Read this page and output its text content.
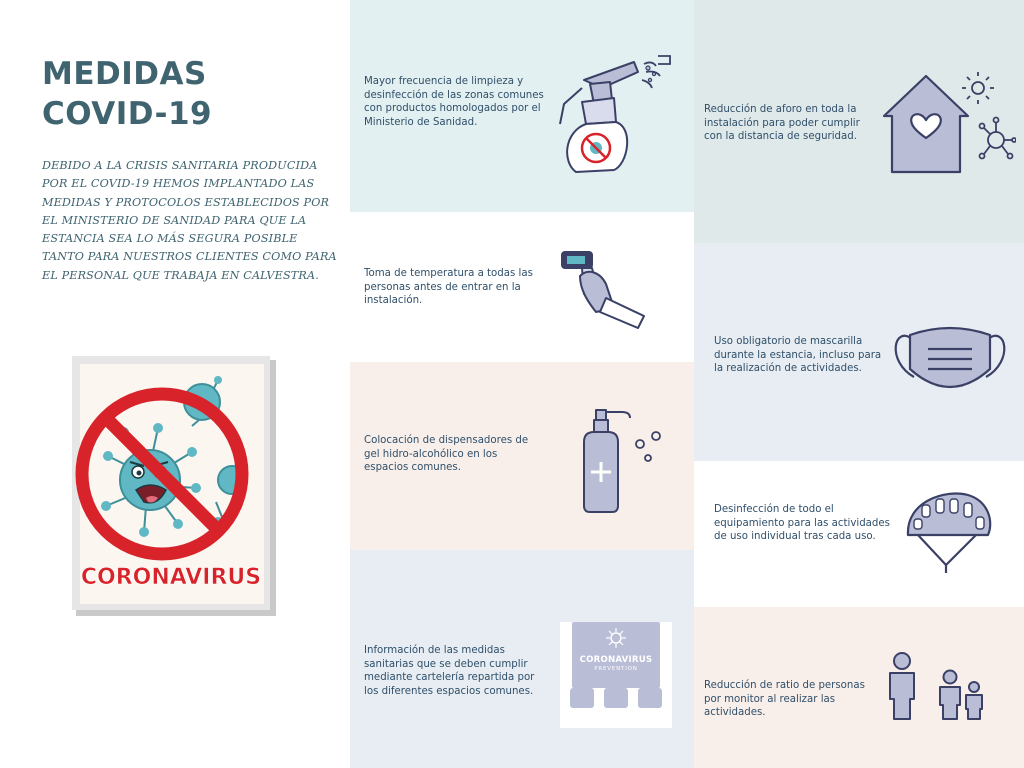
MEDIDAS
COVID-19

DEBIDO A LA CRISIS SANITARIA PRODUCIDA POR EL COVID-19 HEMOS IMPLANTADO LAS MEDIDAS Y PROTOCOLOS ESTABLECIDOS POR EL MINISTERIO DE SANIDAD PARA QUE LA ESTANCIA SEA LO MÁS SEGURA POSIBLE TANTO PARA NUESTROS CLIENTES COMO PARA EL PERSONAL QUE TRABAJA EN CALVESTRA.

CORONAVIRUS

Mayor frecuencia de limpieza y desinfección de las zonas comunes con productos homologados por el Ministerio de Sanidad.

Toma de temperatura a todas las personas antes de entrar en la instalación.

Colocación de dispensadores de gel hidro-alcohólico en los espacios comunes.

Información de las medidas sanitarias que se deben cumplir mediante cartelería repartida por los diferentes espacios comunes.

CORONAVIRUS
PREVENTION

Reducción de aforo en toda la instalación para poder cumplir con la distancia de seguridad.

Uso obligatorio de mascarilla durante la estancia, incluso para la realización de actividades.

Desinfección de todo el equipamiento para las actividades de uso individual tras cada uso.

Reducción de ratio de personas por monitor al realizar las actividades.
